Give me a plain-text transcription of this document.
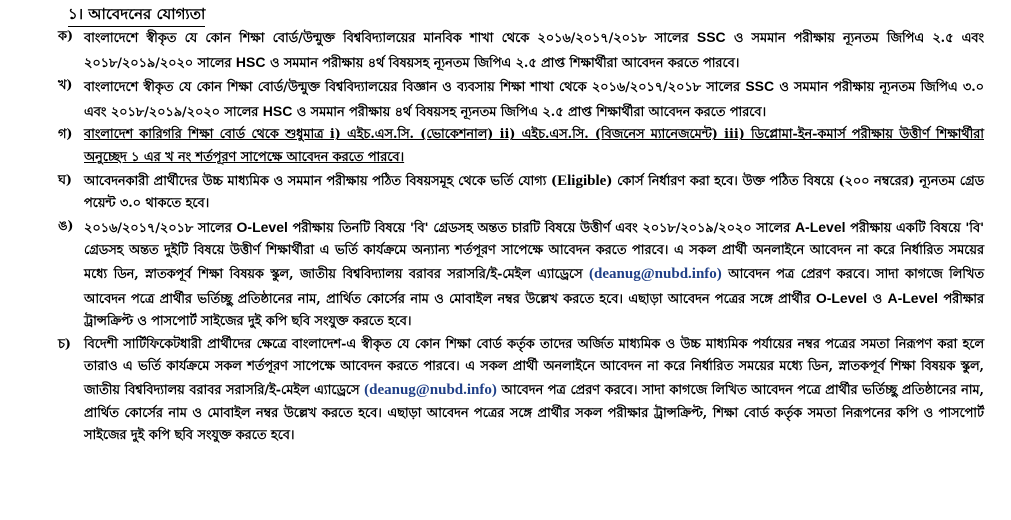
১। আবেদনের যোগ্যতা
ক) বাংলাদেশে স্বীকৃত যে কোন শিক্ষা বোর্ড/উন্মুক্ত বিশ্ববিদ্যালয়ের মানবিক শাখা থেকে ২০১৬/২০১৭/২০১৮ সালের SSC ও সমমান পরীক্ষায় ন্যূনতম জিপিএ ২.৫ এবং ২০১৮/২০১৯/২০২০ সালের HSC ও সমমান পরীক্ষায় ৪র্থ বিষয়সহ ন্যূনতম জিপিএ ২.৫ প্রাপ্ত শিক্ষার্থীরা আবেদন করতে পারবে।
খ) বাংলাদেশে স্বীকৃত যে কোন শিক্ষা বোর্ড/উন্মুক্ত বিশ্ববিদ্যালয়ের বিজ্ঞান ও ব্যবসায় শিক্ষা শাখা থেকে ২০১৬/২০১৭/২০১৮ সালের SSC ও সমমান পরীক্ষায় ন্যূনতম জিপিএ ৩.০ এবং ২০১৮/২০১৯/২০২০ সালের HSC ও সমমান পরীক্ষায় ৪র্থ বিষয়সহ ন্যূনতম জিপিএ ২.৫ প্রাপ্ত শিক্ষার্থীরা আবেদন করতে পারবে।
গ) বাংলাদেশ কারিগরি শিক্ষা বোর্ড থেকে শুধুমাত্র i) এইচ.এস.সি. (ভোকেশনাল) ii) এইচ.এস.সি. (বিজনেস ম্যানেজমেন্ট) iii) ডিপ্লোমা-ইন-কমার্স পরীক্ষায় উত্তীর্ণ শিক্ষার্থীরা অনুচ্ছেদ ১ এর খ নং শর্তপূরণ সাপেক্ষে আবেদন করতে পারবে।
ঘ) আবেদনকারী প্রার্থীদের উচ্চ মাধ্যমিক ও সমমান পরীক্ষায় পঠিত বিষয়সমূহ থেকে ভর্তি যোগ্য (Eligible) কোর্স নির্ধারণ করা হবে। উক্ত পঠিত বিষয়ে (২০০ নম্বরের) ন্যূনতম গ্রেড পয়েন্ট ৩.০ থাকতে হবে।
ঙ) ২০১৬/২০১৭/২০১৮ সালের O-Level পরীক্ষায় তিনটি বিষয়ে 'বি' গ্রেডসহ অন্তত চারটি বিষয়ে উত্তীর্ণ এবং ২০১৮/২০১৯/২০২০ সালের A-Level পরীক্ষায় একটি বিষয়ে 'বি' গ্রেডসহ অন্তত দুইটি বিষয়ে উত্তীর্ণ শিক্ষার্থীরা এ ভর্তি কার্যক্রমে অন্যান্য শর্তপূরণ সাপেক্ষে আবেদন করতে পারবে। এ সকল প্রার্থী অনলাইনে আবেদন না করে নির্ধারিত সময়ের মধ্যে ডিন, স্নাতকপূর্ব শিক্ষা বিষয়ক স্কুল, জাতীয় বিশ্ববিদ্যালয় বরাবর সরাসরি/ই-মেইল এ্যাড্রেসে (deanug@nubd.info) আবেদন পত্র প্রেরণ করবে। সাদা কাগজে লিখিত আবেদন পত্রে প্রার্থীর ভর্তিচ্ছু প্রতিষ্ঠানের নাম, প্রার্থিত কোর্সের নাম ও মোবাইল নম্বর উল্লেখ করতে হবে। এছাড়া আবেদন পত্রের সঙ্গে প্রার্থীর O-Level ও A-Level পরীক্ষার ট্রান্সক্রিপ্ট ও পাসপোর্ট সাইজের দুই কপি ছবি সংযুক্ত করতে হবে।
চ)	বিদেশী সার্টিফিকেটধারী প্রার্থীদের ক্ষেত্রে বাংলাদেশ-এ স্বীকৃত যে কোন শিক্ষা বোর্ড কর্তৃক তাদের অর্জিত মাধ্যমিক ও উচ্চ মাধ্যমিক পর্যায়ের নম্বর পত্রের সমতা নিরূপণ করা হলে তারাও এ ভর্তি কার্যক্রমে সকল শর্তপূরণ সাপেক্ষে আবেদন করতে পারবে। এ সকল প্রার্থী অনলাইনে আবেদন না করে নির্ধারিত সময়ের মধ্যে ডিন, স্নাতকপূর্ব শিক্ষা বিষয়ক স্কুল, জাতীয় বিশ্ববিদ্যালয় বরাবর সরাসরি/ই-মেইল এ্যাড্রেসে (deanug@nubd.info) আবেদন পত্র প্রেরণ করবে। সাদা কাগজে লিখিত আবেদন পত্রে প্রার্থীর ভর্তিচ্ছু প্রতিষ্ঠানের নাম, প্রার্থিত কোর্সের নাম ও মোবাইল নম্বর উল্লেখ করতে হবে। এছাড়া আবেদন পত্রের সঙ্গে প্রার্থীর সকল পরীক্ষার ট্রান্সক্রিপ্ট, শিক্ষা বোর্ড কর্তৃক সমতা নিরূপনের কপি ও পাসপোর্ট সাইজের দুই কপি ছবি সংযুক্ত করতে হবে।
